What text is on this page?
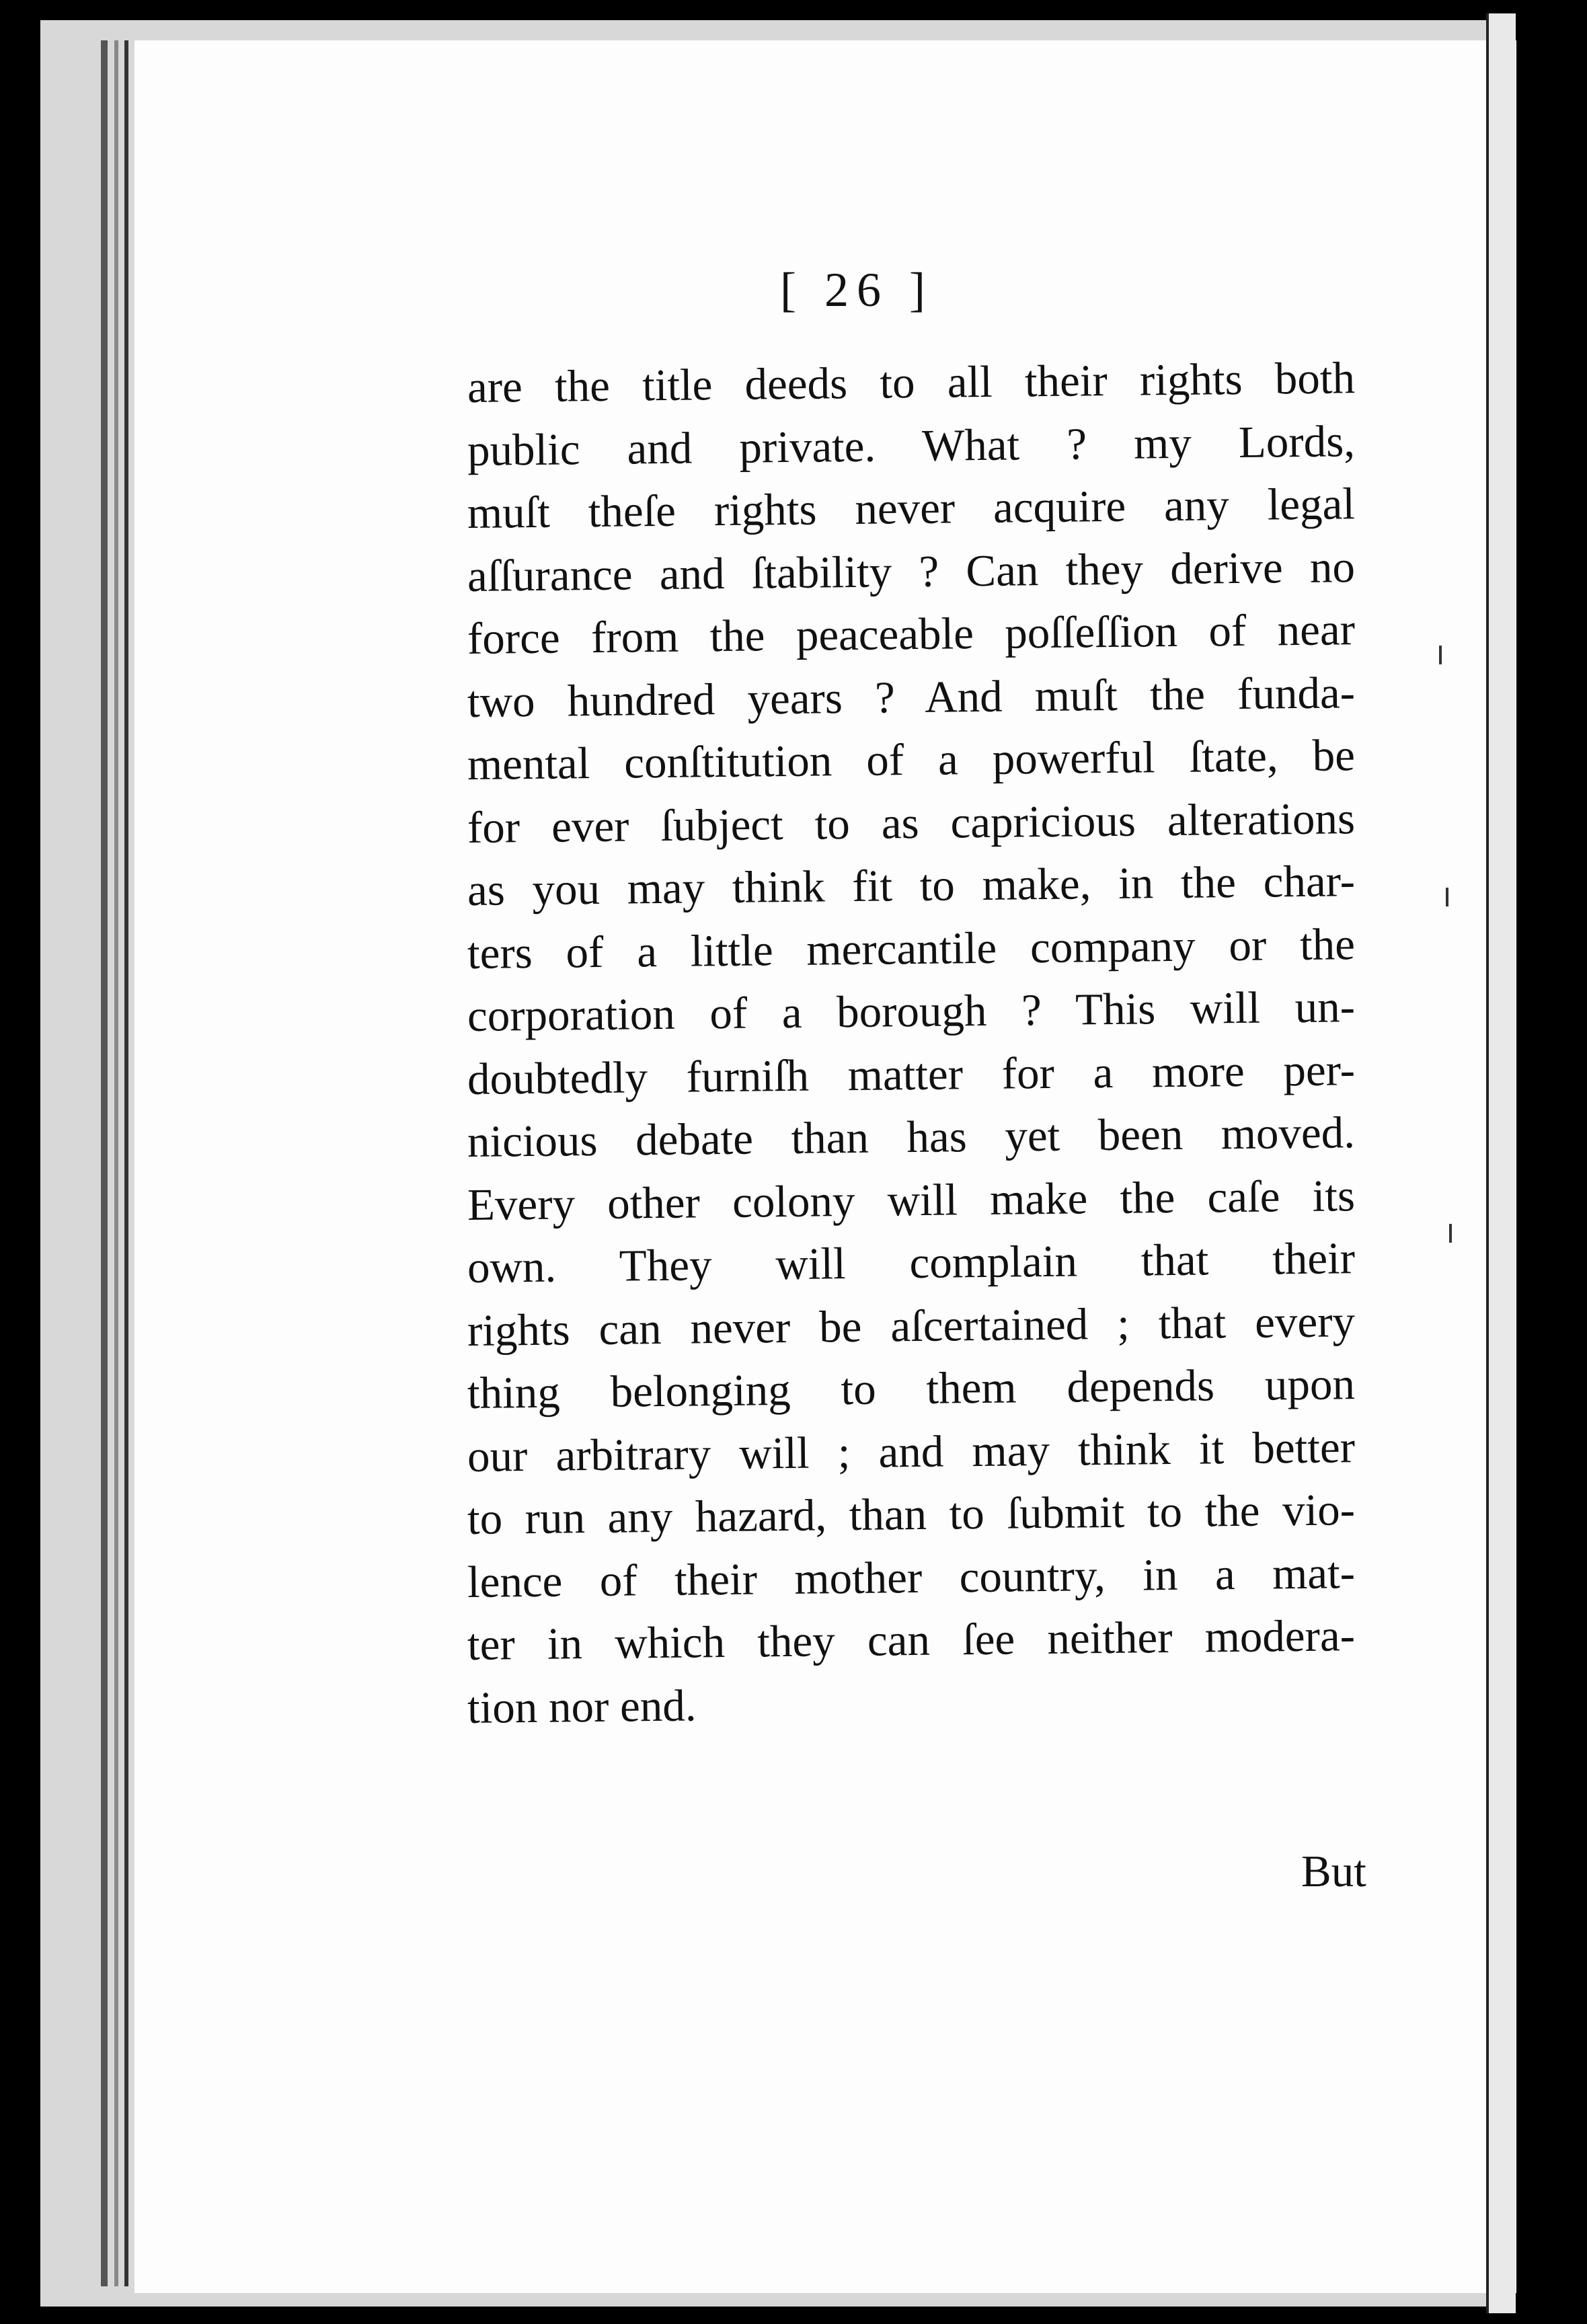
[ 26 ]
are the title deeds to all their rights both
public and private. What ? my Lords,
muſt theſe rights never acquire any legal
aſſurance and ſtability ? Can they derive no
force from the peaceable poſſeſſion of near
two hundred years ? And muſt the funda-
mental conſtitution of a powerful ſtate, be
for ever ſubject to as capricious alterations
as you may think fit to make, in the char-
ters of a little mercantile company or the
corporation of a borough ? This will un-
doubtedly furniſh matter for a more per-
nicious debate than has yet been moved.
Every other colony will make the caſe its
own. They will complain that their
rights can never be aſcertained ; that every
thing belonging to them depends upon
our arbitrary will ; and may think it better
to run any hazard, than to ſubmit to the vio-
lence of their mother country, in a mat-
ter in which they can ſee neither modera-
tion nor end.
But
